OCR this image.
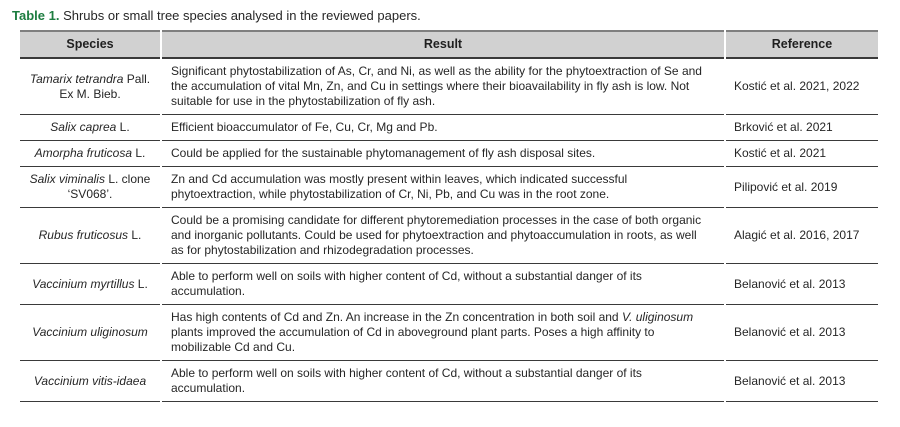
Table 1. Shrubs or small tree species analysed in the reviewed papers.

Species	Result	Reference
Tamarix tetrandra Pall. Ex M. Bieb.	Significant phytostabilization of As, Cr, and Ni, as well as the ability for the phytoextraction of Se and the accumulation of vital Mn, Zn, and Cu in settings where their bioavailability in fly ash is low. Not suitable for use in the phytostabilization of fly ash.	Kostić et al. 2021, 2022
Salix caprea L.	Efficient bioaccumulator of Fe, Cu, Cr, Mg and Pb.	Brković et al. 2021
Amorpha fruticosa L.	Could be applied for the sustainable phytomanagement of fly ash disposal sites.	Kostić et al. 2021
Salix viminalis L. clone ‘SV068’.	Zn and Cd accumulation was mostly present within leaves, which indicated successful phytoextraction, while phytostabilization of Cr, Ni, Pb, and Cu was in the root zone.	Pilipović et al. 2019
Rubus fruticosus L.	Could be a promising candidate for different phytoremediation processes in the case of both organic and inorganic pollutants. Could be used for phytoextraction and phytoaccumulation in roots, as well as for phytostabilization and rhizodegradation processes.	Alagić et al. 2016, 2017
Vaccinium myrtillus L.	Able to perform well on soils with higher content of Cd, without a substantial danger of its accumulation.	Belanović et al. 2013
Vaccinium uliginosum	Has high contents of Cd and Zn. An increase in the Zn concentration in both soil and V. uliginosum plants improved the accumulation of Cd in aboveground plant parts. Poses a high affinity to mobilizable Cd and Cu.	Belanović et al. 2013
Vaccinium vitis-idaea	Able to perform well on soils with higher content of Cd, without a substantial danger of its accumulation.	Belanović et al. 2013
